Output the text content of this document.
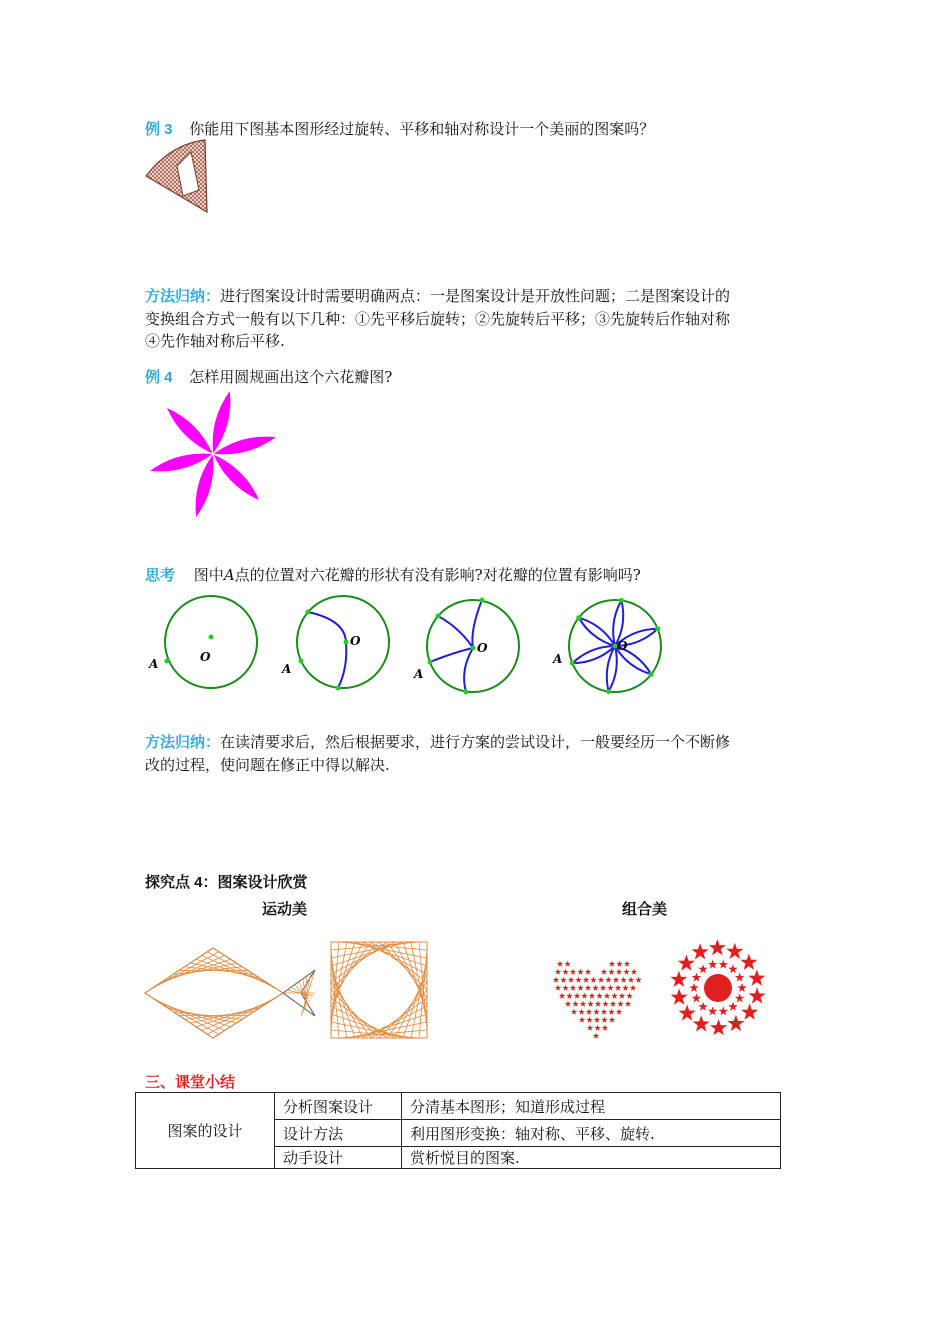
例 3 你能用下图基本图形经过旋转、平移和轴对称设计一个美丽的图案吗？
方法归纳：进行图案设计时需要明确两点：一是图案设计是开放性问题；二是图案设计的
变换组合方式一般有以下几种：①先平移后旋转；②先旋转后平移；③先旋转后作轴对称
④先作轴对称后平移.
例 4 怎样用圆规画出这个六花瓣图?
思考 图中A点的位置对六花瓣的形状有没有影响?对花瓣的位置有影响吗?
A	O
A
O
A
O
A
O
方法归纳：在读清要求后，然后根据要求，进行方案的尝试设计，一般要经历一个不断修
改的过程，使问题在修正中得以解决.
探究点 4：图案设计欣赏
运动美	组合美
三、课堂小结
图案的设计	分析图案设计	分清基本图形；知道形成过程
	设计方法	利用图形变换：轴对称、平移、旋转.
	动手设计	赏析悦目的图案.
